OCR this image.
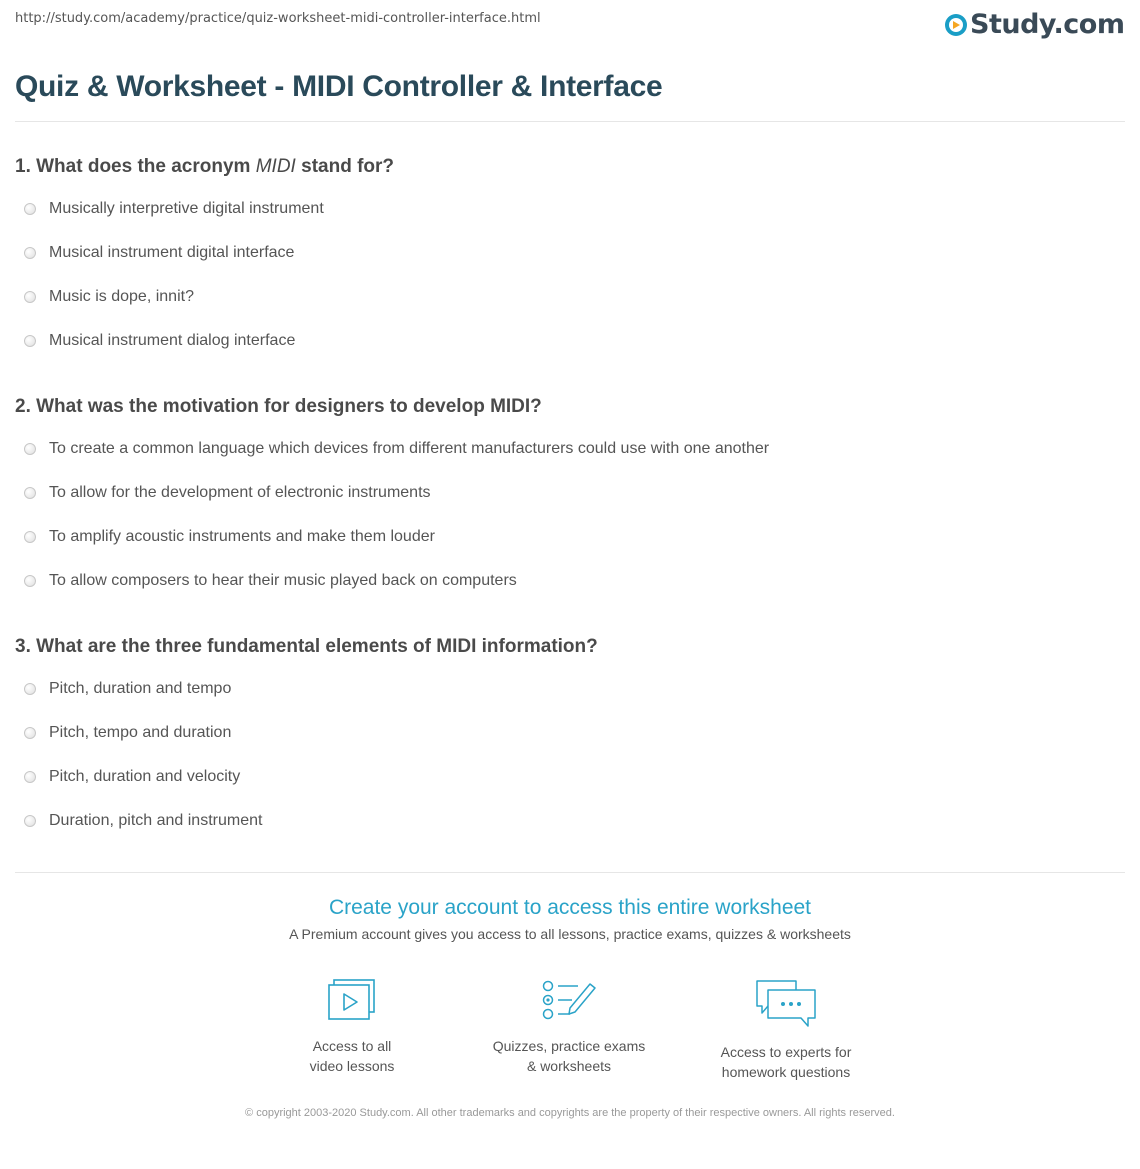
http://study.com/academy/practice/quiz-worksheet-midi-controller-interface.html	Study.com
Quiz & Worksheet - MIDI Controller & Interface
1. What does the acronym MIDI stand for?
Musically interpretive digital instrument
Musical instrument digital interface
Music is dope, innit?
Musical instrument dialog interface
2. What was the motivation for designers to develop MIDI?
To create a common language which devices from different manufacturers could use with one another
To allow for the development of electronic instruments
To amplify acoustic instruments and make them louder
To allow composers to hear their music played back on computers
3. What are the three fundamental elements of MIDI information?
Pitch, duration and tempo
Pitch, tempo and duration
Pitch, duration and velocity
Duration, pitch and instrument
Create your account to access this entire worksheet
A Premium account gives you access to all lessons, practice exams, quizzes & worksheets
Access to all
video lessons
Quizzes, practice exams
& worksheets
Access to experts for
homework questions
© copyright 2003-2020 Study.com. All other trademarks and copyrights are the property of their respective owners. All rights reserved.
